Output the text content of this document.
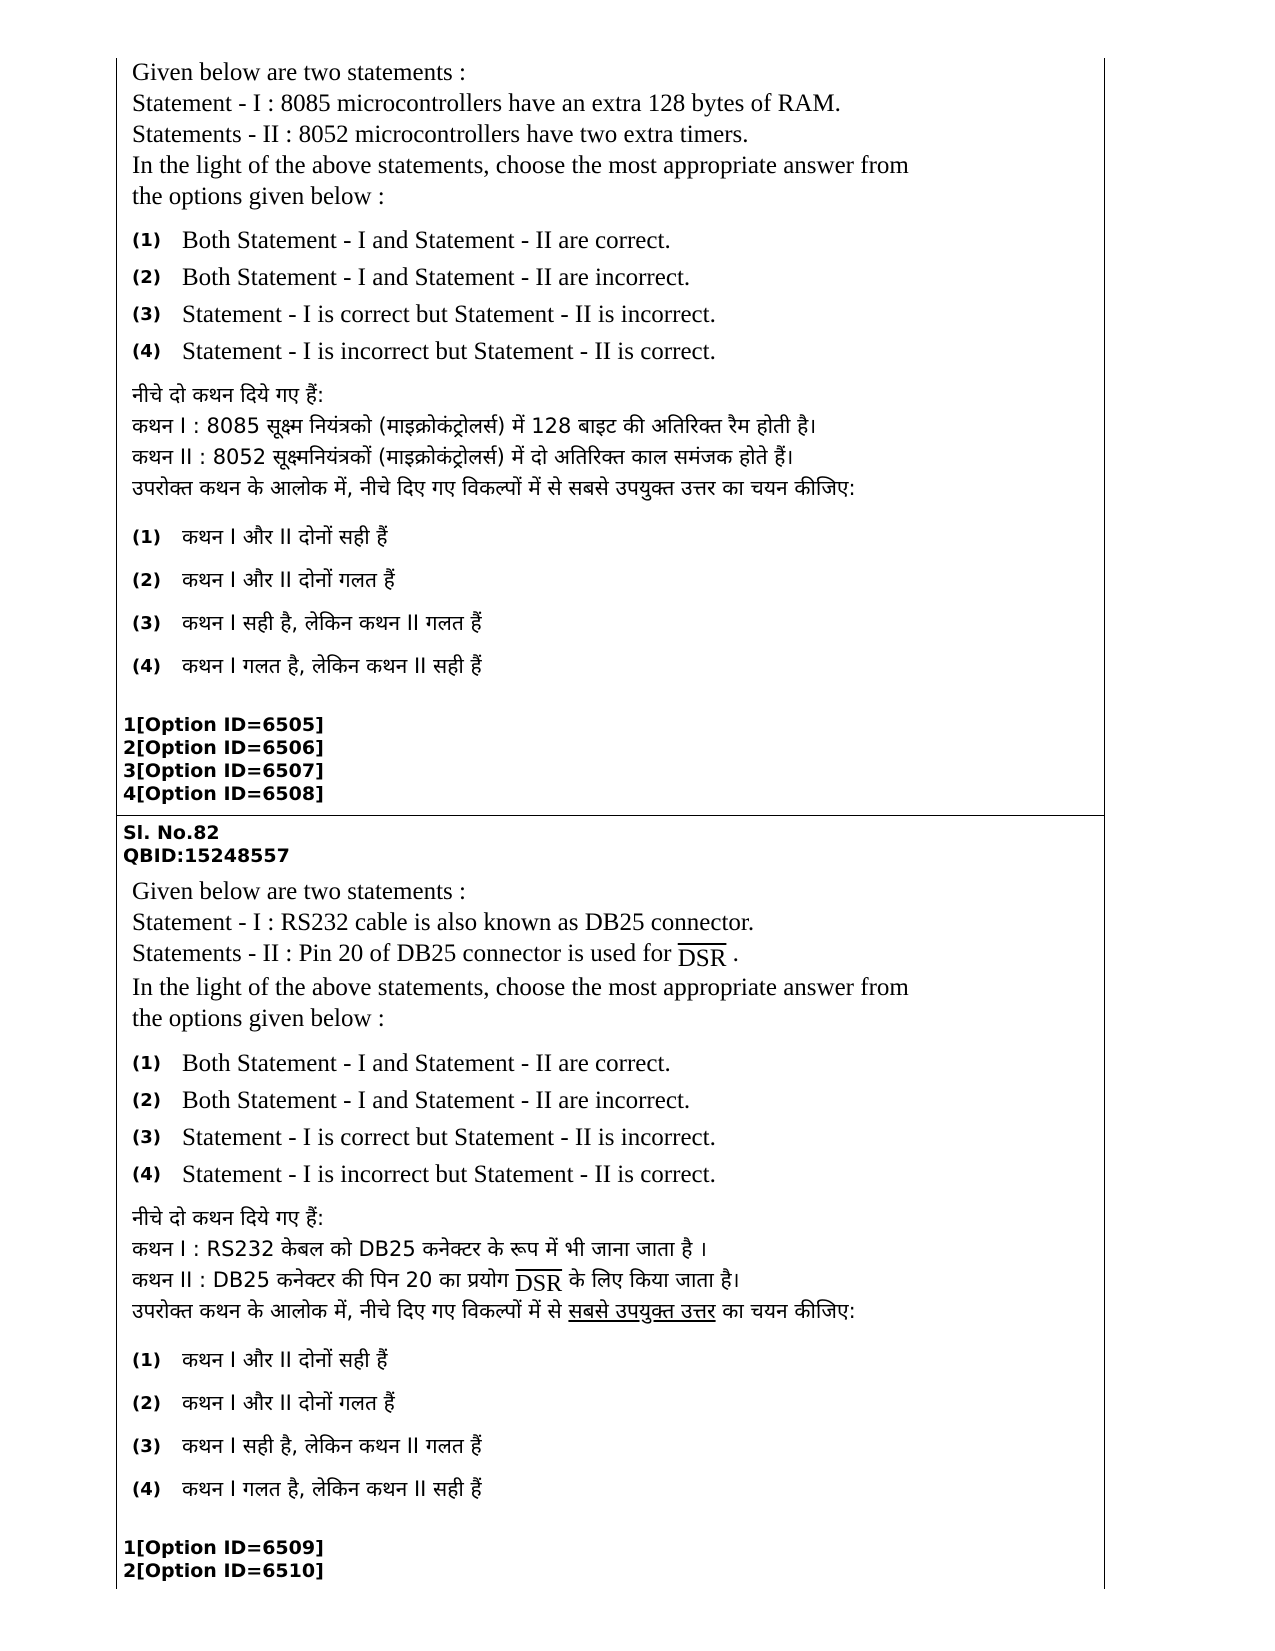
Given below are two statements :
Statement - I : 8085 microcontrollers have an extra 128 bytes of RAM.
Statements - II : 8052 microcontrollers have two extra timers.
In the light of the above statements, choose the most appropriate answer from
the options given below :
(1) Both Statement - I and Statement - II are correct.
(2) Both Statement - I and Statement - II are incorrect.
(3) Statement - I is correct but Statement - II is incorrect.
(4) Statement - I is incorrect but Statement - II is correct.
नीचे दो कथन दिये गए हैं:
कथन I : 8085 सूक्ष्म नियंत्रको (माइक्रोकंट्रोलर्स) में 128 बाइट की अतिरिक्त रैम होती है।
कथन II : 8052 सूक्ष्मनियंत्रकों (माइक्रोकंट्रोलर्स) में दो अतिरिक्त काल समंजक होते हैं।
उपरोक्त कथन के आलोक में, नीचे दिए गए विकल्पों में से सबसे उपयुक्त उत्तर का चयन कीजिए:
(1) कथन I और II दोनों सही हैं
(2) कथन I और II दोनों गलत हैं
(3) कथन I सही है, लेकिन कथन II गलत हैं
(4) कथन I गलत है, लेकिन कथन II सही हैं
1[Option ID=6505]
2[Option ID=6506]
3[Option ID=6507]
4[Option ID=6508]
Sl. No.82
QBID:15248557
Given below are two statements :
Statement - I : RS232 cable is also known as DB25 connector.
Statements - II : Pin 20 of DB25 connector is used for $\overline{DSR}$ .
In the light of the above statements, choose the most appropriate answer from
the options given below :
(1) Both Statement - I and Statement - II are correct.
(2) Both Statement - I and Statement - II are incorrect.
(3) Statement - I is correct but Statement - II is incorrect.
(4) Statement - I is incorrect but Statement - II is correct.
नीचे दो कथन दिये गए हैं:
कथन I : RS232 केबल को DB25 कनेक्टर के रूप में भी जाना जाता है ।
कथन II : DB25 कनेक्टर की पिन 20 का प्रयोग $\overline{DSR}$ के लिए किया जाता है।
उपरोक्त कथन के आलोक में, नीचे दिए गए विकल्पों में से सबसे उपयुक्त उत्तर का चयन कीजिए:
(1) कथन I और II दोनों सही हैं
(2) कथन I और II दोनों गलत हैं
(3) कथन I सही है, लेकिन कथन II गलत हैं
(4) कथन I गलत है, लेकिन कथन II सही हैं
1[Option ID=6509]
2[Option ID=6510]
